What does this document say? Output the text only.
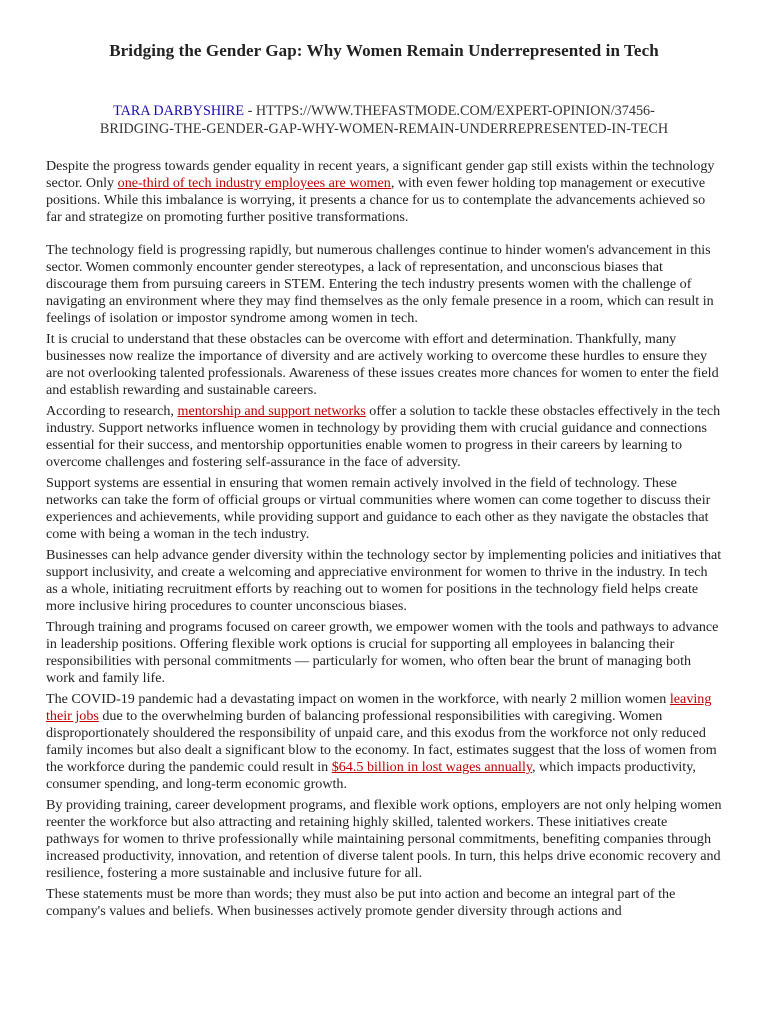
Bridging the Gender Gap: Why Women Remain Underrepresented in Tech
TARA DARBYSHIRE - HTTPS://WWW.THEFASTMODE.COM/EXPERT-OPINION/37456-
BRIDGING-THE-GENDER-GAP-WHY-WOMEN-REMAIN-UNDERREPRESENTED-IN-TECH

Despite the progress towards gender equality in recent years, a significant gender gap still exists within the technology sector. Only one-third of tech industry employees are women, with even fewer holding top management or executive positions. While this imbalance is worrying, it presents a chance for us to contemplate the advancements achieved so far and strategize on promoting further positive transformations.

The technology field is progressing rapidly, but numerous challenges continue to hinder women's advancement in this sector. Women commonly encounter gender stereotypes, a lack of representation, and unconscious biases that discourage them from pursuing careers in STEM. Entering the tech industry presents women with the challenge of navigating an environment where they may find themselves as the only female presence in a room, which can result in feelings of isolation or impostor syndrome among women in tech.

It is crucial to understand that these obstacles can be overcome with effort and determination. Thankfully, many businesses now realize the importance of diversity and are actively working to overcome these hurdles to ensure they are not overlooking talented professionals. Awareness of these issues creates more chances for women to enter the field and establish rewarding and sustainable careers.

According to research, mentorship and support networks offer a solution to tackle these obstacles effectively in the tech industry. Support networks influence women in technology by providing them with crucial guidance and connections essential for their success, and mentorship opportunities enable women to progress in their careers by learning to overcome challenges and fostering self-assurance in the face of adversity.

Support systems are essential in ensuring that women remain actively involved in the field of technology. These networks can take the form of official groups or virtual communities where women can come together to discuss their experiences and achievements, while providing support and guidance to each other as they navigate the obstacles that come with being a woman in the tech industry.

Businesses can help advance gender diversity within the technology sector by implementing policies and initiatives that support inclusivity, and create a welcoming and appreciative environment for women to thrive in the industry. In tech as a whole, initiating recruitment efforts by reaching out to women for positions in the technology field helps create more inclusive hiring procedures to counter unconscious biases.

Through training and programs focused on career growth, we empower women with the tools and pathways to advance in leadership positions. Offering flexible work options is crucial for supporting all employees in balancing their responsibilities with personal commitments — particularly for women, who often bear the brunt of managing both work and family life.

The COVID-19 pandemic had a devastating impact on women in the workforce, with nearly 2 million women leaving their jobs due to the overwhelming burden of balancing professional responsibilities with caregiving. Women disproportionately shouldered the responsibility of unpaid care, and this exodus from the workforce not only reduced family incomes but also dealt a significant blow to the economy. In fact, estimates suggest that the loss of women from the workforce during the pandemic could result in $64.5 billion in lost wages annually, which impacts productivity, consumer spending, and long-term economic growth.

By providing training, career development programs, and flexible work options, employers are not only helping women reenter the workforce but also attracting and retaining highly skilled, talented workers. These initiatives create pathways for women to thrive professionally while maintaining personal commitments, benefiting companies through increased productivity, innovation, and retention of diverse talent pools. In turn, this helps drive economic recovery and resilience, fostering a more sustainable and inclusive future for all.

These statements must be more than words; they must also be put into action and become an integral part of the company's values and beliefs. When businesses actively promote gender diversity through actions and
